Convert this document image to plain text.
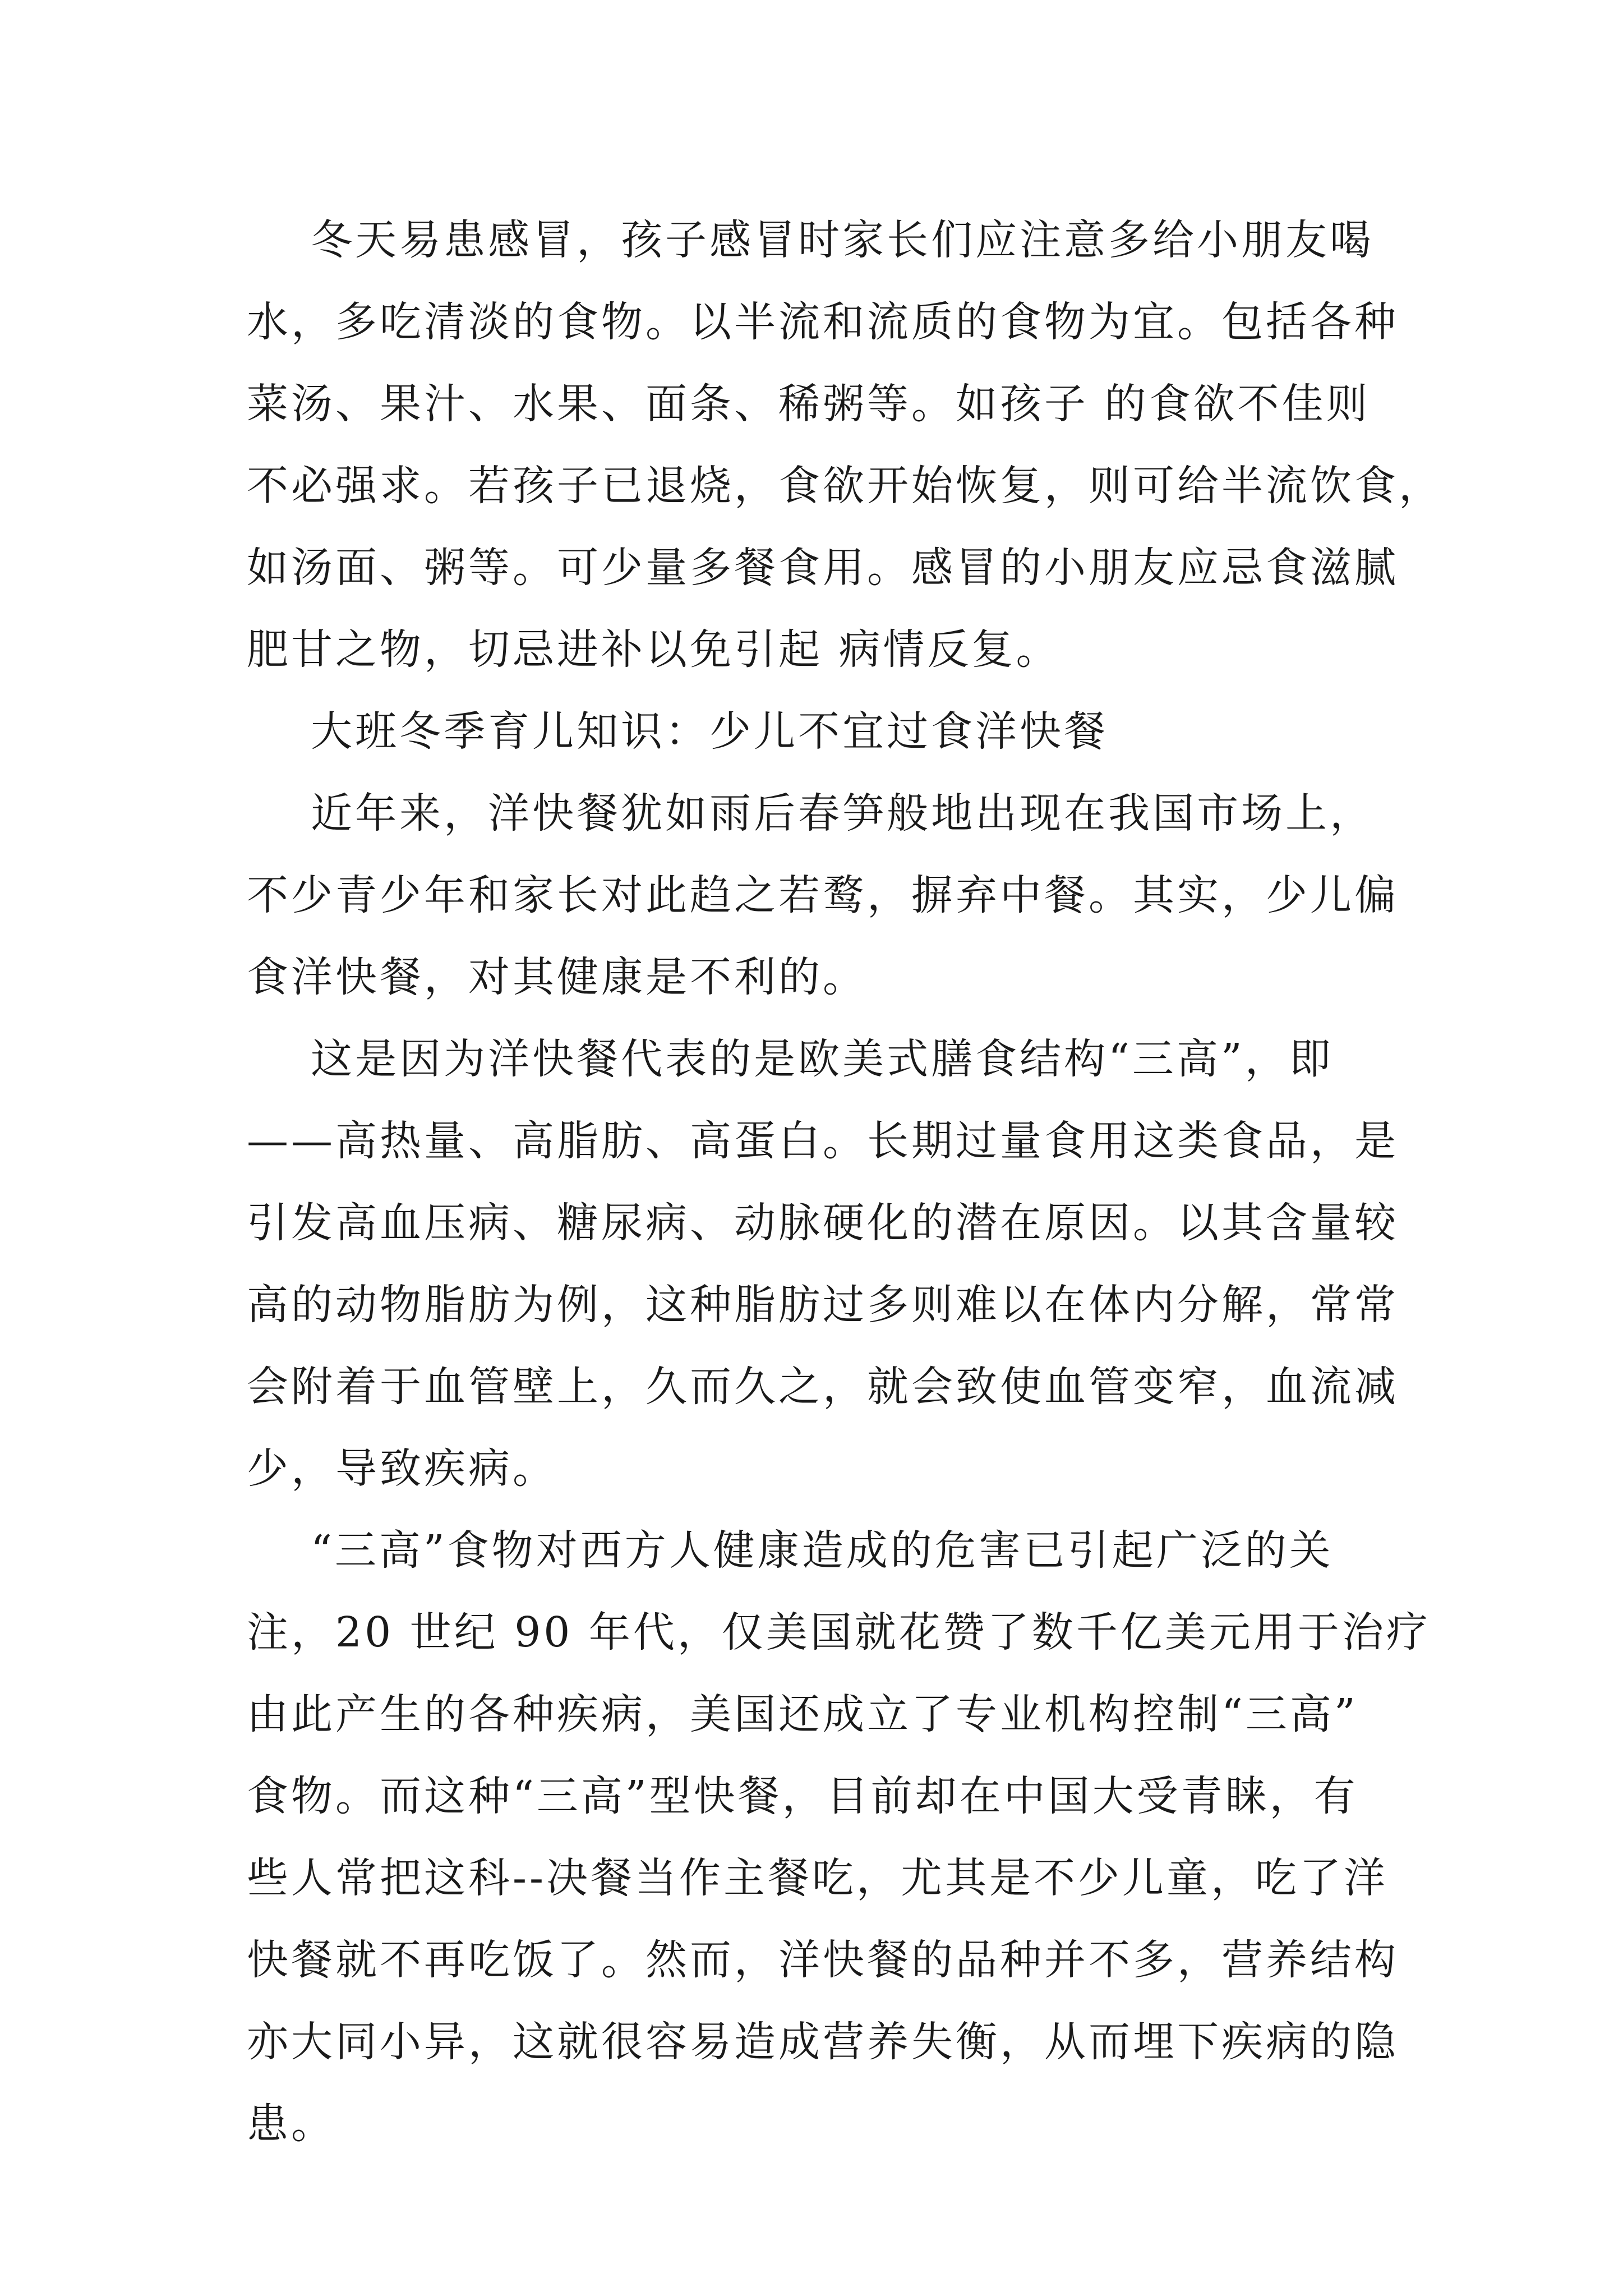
冬天易患感冒，孩子感冒时家长们应注意多给小朋友喝
水，多吃清淡的食物。以半流和流质的食物为宜。包括各种
菜汤、果汁、水果、面条、稀粥等。如孩子 的食欲不佳则
不必强求。若孩子已退烧，食欲开始恢复，则可给半流饮食，
如汤面、粥等。可少量多餐食用。感冒的小朋友应忌食滋腻
肥甘之物，切忌进补以免引起 病情反复。
大班冬季育儿知识：少儿不宜过食洋快餐
近年来，洋快餐犹如雨后春笋般地出现在我国市场上，
不少青少年和家长对此趋之若鹜，摒弃中餐。其实，少儿偏
食洋快餐，对其健康是不利的。
这是因为洋快餐代表的是欧美式膳食结构“三高”，即
——高热量、高脂肪、高蛋白。长期过量食用这类食品，是
引发高血压病、糖尿病、动脉硬化的潜在原因。以其含量较
高的动物脂肪为例，这种脂肪过多则难以在体内分解，常常
会附着于血管壁上，久而久之，就会致使血管变窄，血流减
少，导致疾病。
“三高”食物对西方人健康造成的危害已引起广泛的关
注，20 世纪 90 年代，仅美国就花赞了数千亿美元用于治疗
由此产生的各种疾病，美国还成立了专业机构控制“三高”
食物。而这种“三高”型快餐，目前却在中国大受青睐，有
些人常把这科--决餐当作主餐吃，尤其是不少儿童，吃了洋
快餐就不再吃饭了。然而，洋快餐的品种并不多，营养结构
亦大同小异，这就很容易造成营养失衡，从而埋下疾病的隐
患。
